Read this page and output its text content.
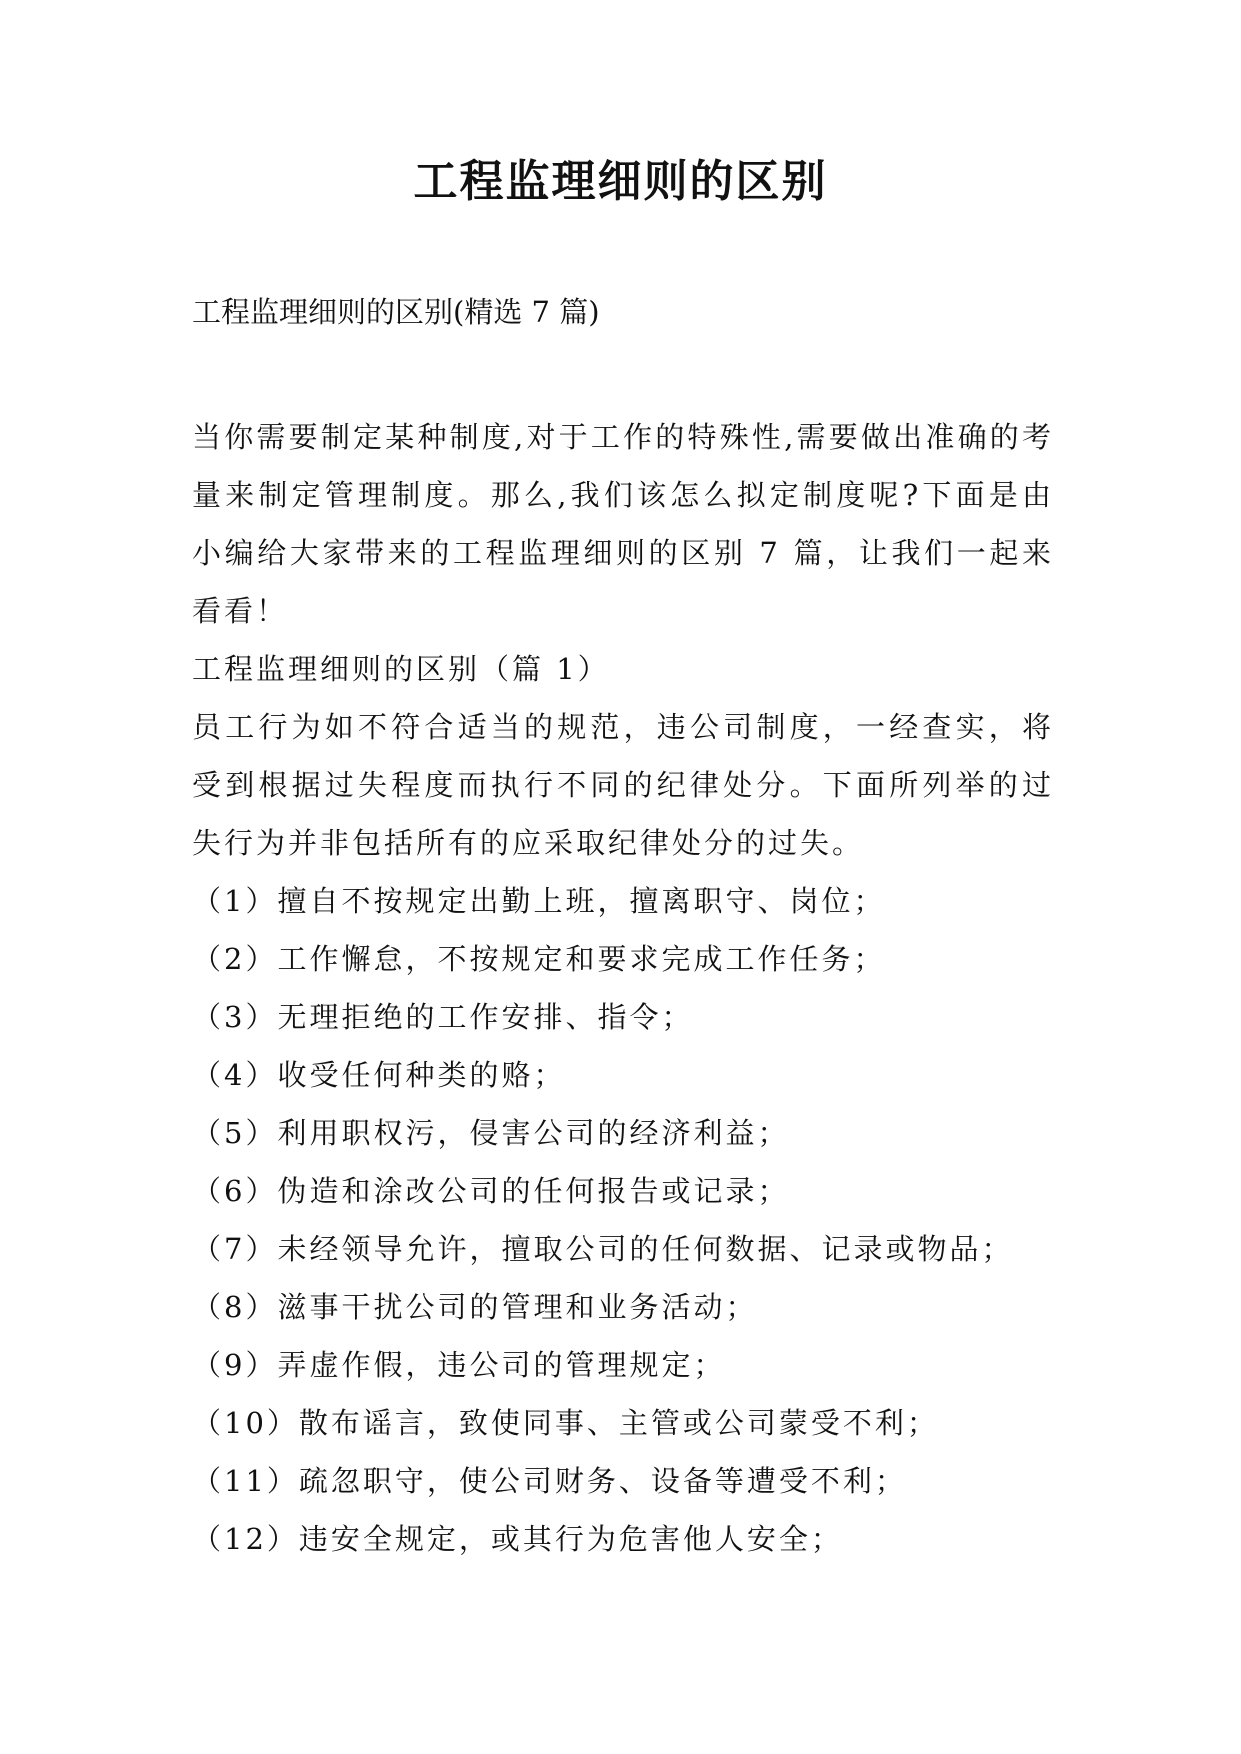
工程监理细则的区别

工程监理细则的区别(精选 7 篇)

当你需要制定某种制度,对于工作的特殊性,需要做出准确的考量来制定管理制度。那么,我们该怎么拟定制度呢?下面是由小编给大家带来的工程监理细则的区别 7 篇，让我们一起来看看！

工程监理细则的区别（篇 1）

员工行为如不符合适当的规范，违公司制度，一经查实，将受到根据过失程度而执行不同的纪律处分。下面所列举的过失行为并非包括所有的应采取纪律处分的过失。

（1）擅自不按规定出勤上班，擅离职守、岗位；

（2）工作懈怠，不按规定和要求完成工作任务；

（3）无理拒绝的工作安排、指令；

（4）收受任何种类的赂；

（5）利用职权污，侵害公司的经济利益；

（6）伪造和涂改公司的任何报告或记录；

（7）未经领导允许，擅取公司的任何数据、记录或物品；

（8）滋事干扰公司的管理和业务活动；

（9）弄虚作假，违公司的管理规定；

（10）散布谣言，致使同事、主管或公司蒙受不利；

（11）疏忽职守，使公司财务、设备等遭受不利；

（12）违安全规定，或其行为危害他人安全；
